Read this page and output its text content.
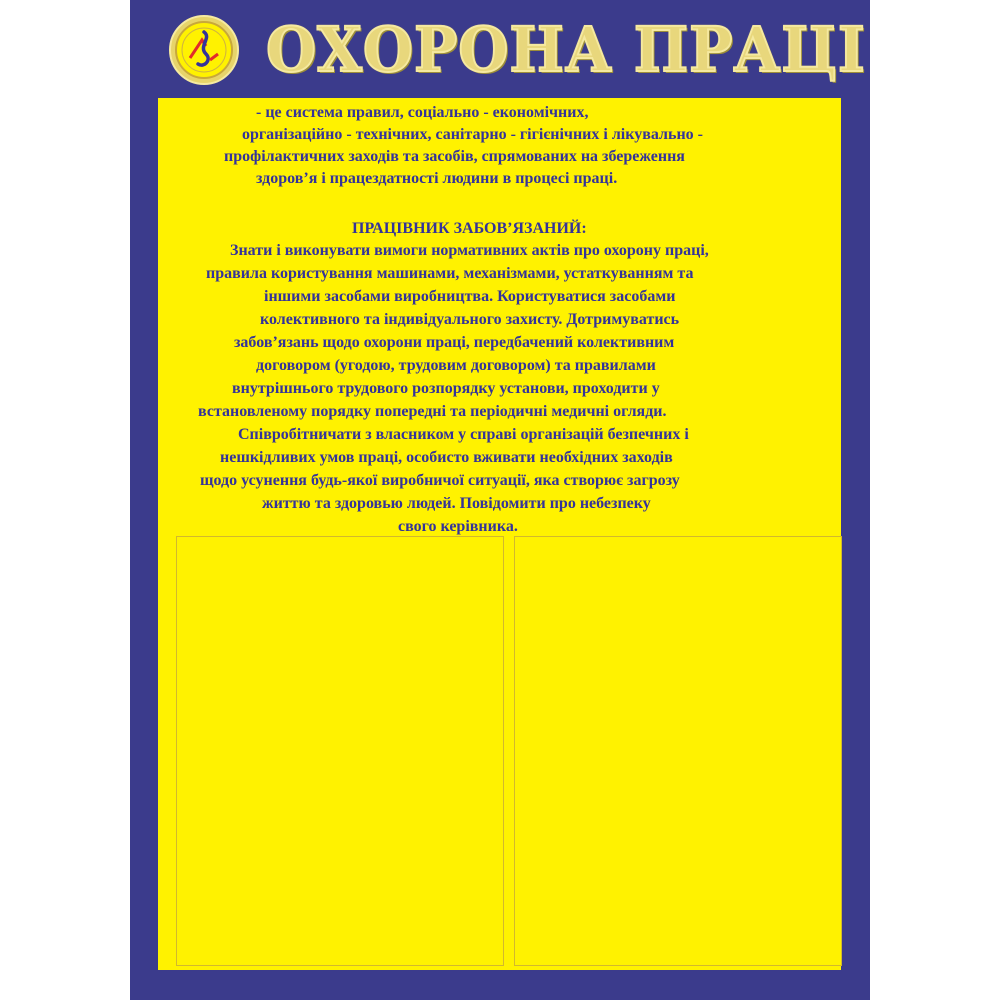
ОХОРОНА ПРАЦІ
- це система правил, соціально - економічних,
організаційно - технічних, санітарно - гігієнічних і лікувально -
профілактичних заходів та засобів, спрямованих на збереження
здоров’я і працездатності людини в процесі праці.
ПРАЦІВНИК ЗАБОВ’ЯЗАНИЙ:
Знати і виконувати вимоги нормативних актів про охорону праці,
правила користування машинами, механізмами, устаткуванням та
іншими засобами виробництва. Користуватися засобами
колективного та індивідуального захисту. Дотримуватись
забов’язань щодо охорони праці, передбачений колективним
договором (угодою, трудовим договором) та правилами
внутрішнього трудового розпорядку установи, проходити у
встановленому порядку попередні та періодичні медичні огляди.
Співробітничати з власником у справі організацій безпечних і
нешкідливих умов праці, особисто вживати необхідних заходів
щодо усунення будь-якої виробничої ситуації, яка створює загрозу
життю та здоровью людей. Повідомити про небезпеку
свого керівника.
